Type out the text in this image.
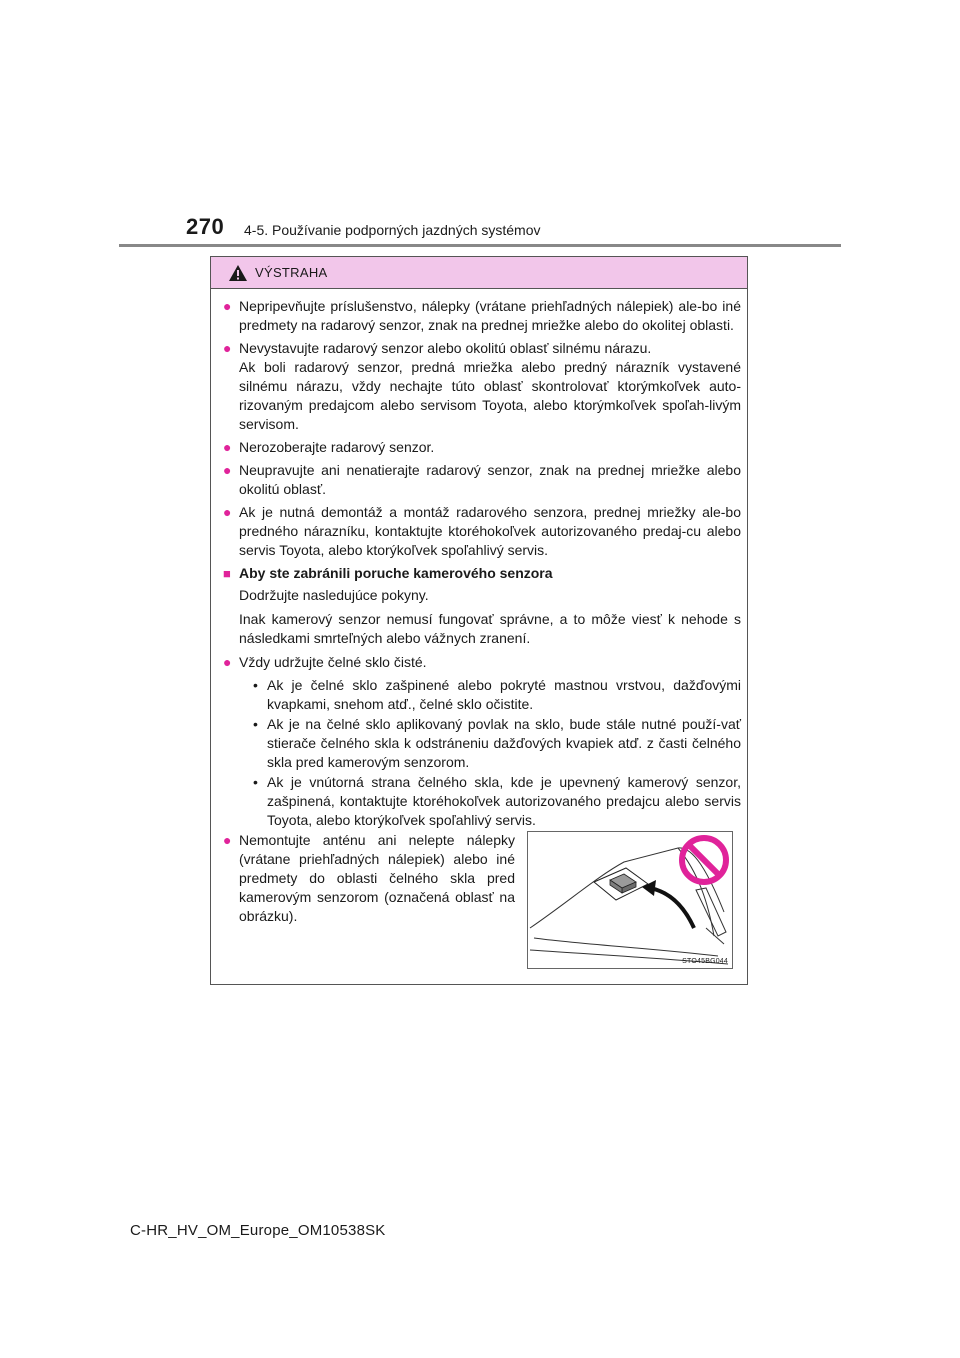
270 4-5. Používanie podporných jazdných systémov
VÝSTRAHA
● Nepripevňujte príslušenstvo, nálepky (vrátane priehľadných nálepiek) ale-bo iné predmety na radarový senzor, znak na prednej mriežke alebo do okolitej oblasti.
● Nevystavujte radarový senzor alebo okolitú oblasť silnému nárazu.

Ak boli radarový senzor, predná mriežka alebo predný nárazník vystavené silnému nárazu, vždy nechajte túto oblasť skontrolovať ktorýmkoľvek auto-rizovaným predajcom alebo servisom Toyota, alebo ktorýmkoľvek spoľah-livým servisom.

● Nerozoberajte radarový senzor.
● Neupravujte ani nenatierajte radarový senzor, znak na prednej mriežke alebo okolitú oblasť.
● Ak je nutná demontáž a montáž radarového senzora, prednej mriežky ale-bo predného nárazníku, kontaktujte ktoréhokoľvek autorizovaného predaj-cu alebo servis Toyota, alebo ktorýkoľvek spoľahlivý servis.
■ Aby ste zabránili poruche kamerového senzora

Dodržujte nasledujúce pokyny.

Inak kamerový senzor nemusí fungovať správne, a to môže viesť k nehode s následkami smrteľných alebo vážnych zranení.

● Vždy udržujte čelné sklo čisté.
• Ak je čelné sklo zašpinené alebo pokryté mastnou vrstvou, dažďovými kvapkami, snehom atď., čelné sklo očistite.
• Ak je na čelné sklo aplikovaný povlak na sklo, bude stále nutné použí-vať stierače čelného skla k odstráneniu dažďových kvapiek atď. z časti čelného skla pred kamerovým senzorom.
• Ak je vnútorná strana čelného skla, kde je upevnený kamerový senzor, zašpinená, kontaktujte ktoréhokoľvek autorizovaného predajcu alebo servis Toyota, alebo ktorýkoľvek spoľahlivý servis.
● Nemontujte anténu ani nelepte nálepky (vrátane priehľadných nálepiek) alebo iné predmety do oblasti čelného skla pred kamerovým senzorom (označená oblasť na obrázku).
STO45BG044
C-HR_HV_OM_Europe_OM10538SK
